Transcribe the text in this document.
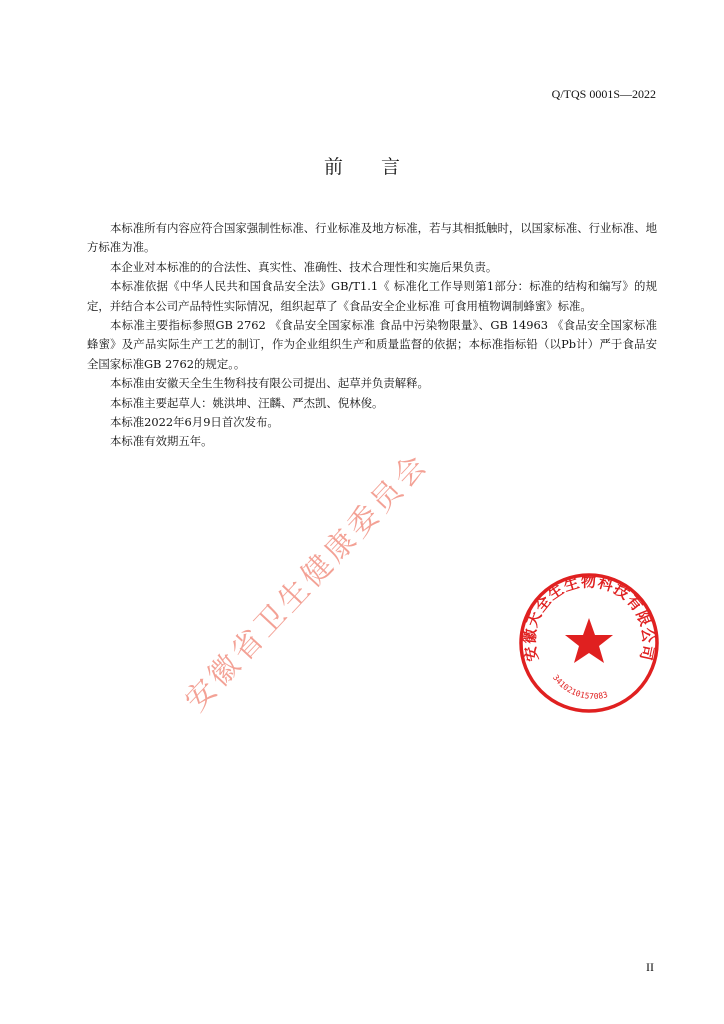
Q/TQS 0001S—2022
前 言

本标准所有内容应符合国家强制性标准、行业标准及地方标准，若与其相抵触时，以国家标准、行业标准、地方标准为准。

本企业对本标准的的合法性、真实性、准确性、技术合理性和实施后果负责。

本标准依据《中华人民共和国食品安全法》GB/T1.1《 标准化工作导则第1部分：标准的结构和编写》的规定，并结合本公司产品特性实际情况，组织起草了《食品安全企业标准 可食用植物调制蜂蜜》标准。

本标准主要指标参照GB 2762 《食品安全国家标准 食品中污染物限量》、GB 14963 《食品安全国家标准 蜂蜜》及产品实际生产工艺的制订，作为企业组织生产和质量监督的依据；本标准指标铅（以Pb计）严于食品安全国家标准GB 2762的规定。。

本标准由安徽天全生生物科技有限公司提出、起草并负责解释。

本标准主要起草人：姚洪坤、汪麟、严杰凯、倪林俊。

本标准2022年6月9日首次发布。

本标准有效期五年。

安徽省卫生健康委员会	安徽天全生生物科技有限公司
3410210157083
II
